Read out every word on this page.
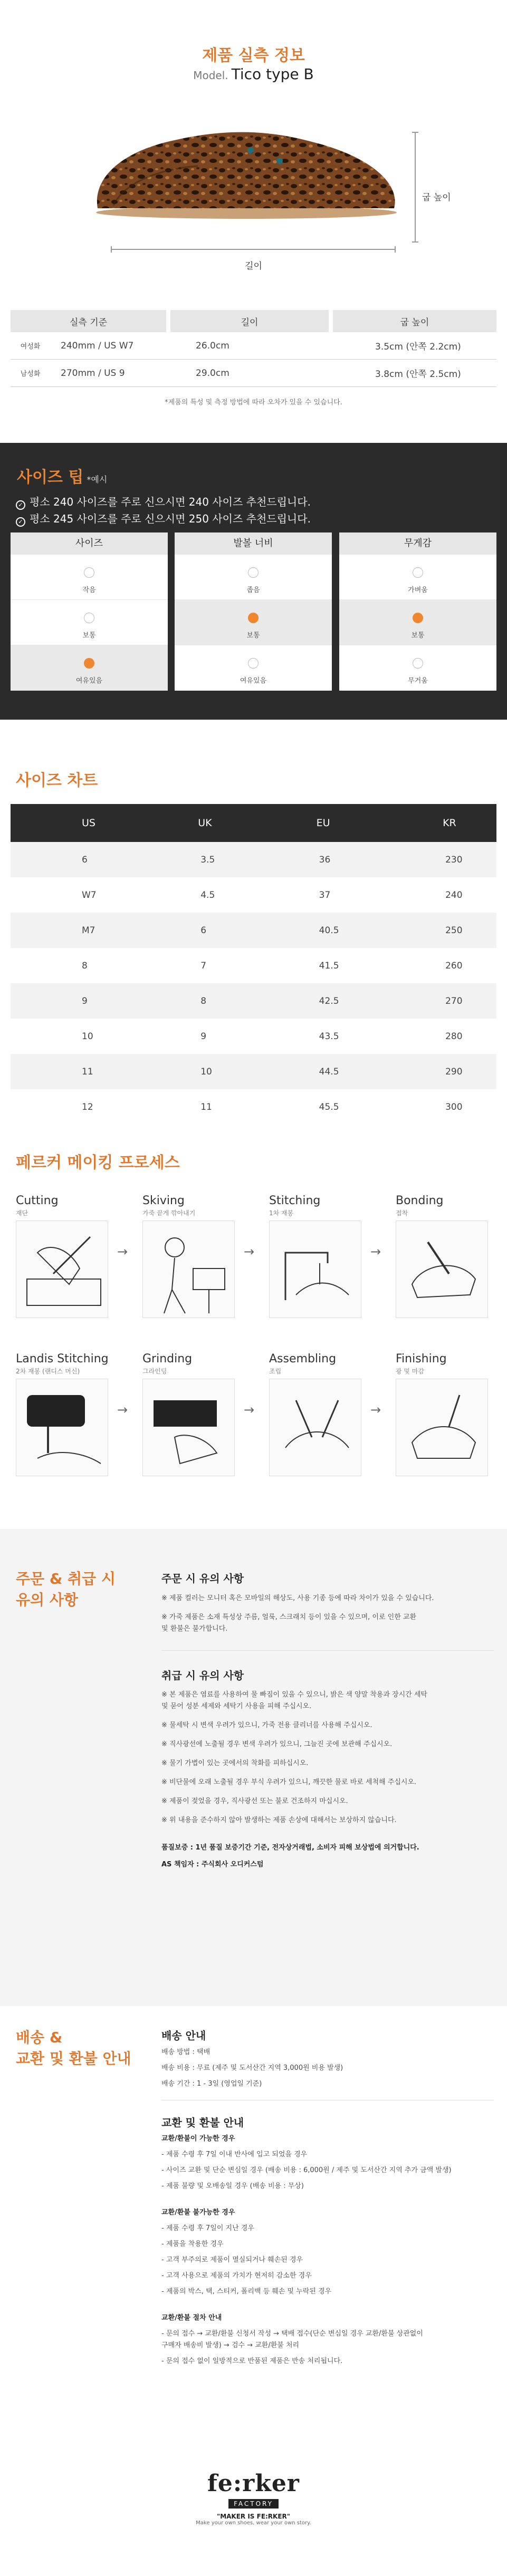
제품 실측 정보
Model. Tico type B
굽 높이
길이
실측 기준			길이		굽 높이
여성화	240mm / US W7		26.0cm		3.5cm (안쪽 2.2cm)
남성화	270mm / US 9		29.0cm		3.8cm (안쪽 2.5cm)
*제품의 특성 및 측정 방법에 따라 오차가 있을 수 있습니다.
사이즈 팁 *예시
✓ 평소 240 사이즈를 주로 신으시면 240 사이즈 추천드립니다.
✓ 평소 245 사이즈를 주로 신으시면 250 사이즈 추천드립니다.
사이즈
작음
보통
여유있음
발볼 너비
좁음
보통
여유있음
무게감
가벼움
보통
무거움
사이즈 차트
US	UK	EU	KR
6	3.5	36	230
W7	4.5	37	240
M7	6	40.5	250
8	7	41.5	260
9	8	42.5	270
10	9	43.5	280
11	10	44.5	290
12	11	45.5	300
페르커 메이킹 프로세스
Cutting
재단
→
Skiving
가죽 끝게 깎아내기
→
Stitching
1차 재봉
→
Bonding
접착
Landis Stitching
2차 재봉 (랜디스 머신)
→
Grinding
그라인딩
→
Assembling
조립
→
Finishing
광 및 마감
주문 & 취급 시
유의 사항
주문 시 유의 사항
※ 제품 컬러는 모니터 혹은 모바일의 해상도, 사용 기종 등에 따라 차이가 있을 수 있습니다.
※ 가죽 제품은 소재 특성상 주름, 얼룩, 스크래치 등이 있을 수 있으며, 이로 인한 교환
및 환불은 불가합니다.
취급 시 유의 사항
※ 본 제품은 염료를 사용하여 물 빠짐이 있을 수 있으니, 밝은 색 양말 착용과 장시간 세탁
및 묻어 성분 세제와 세탁기 사용을 피해 주십시오.
※ 물세탁 시 변색 우려가 있으니, 가죽 전용 클리너를 사용해 주십시오.
※ 직사광선에 노출될 경우 변색 우려가 있으니, 그늘진 곳에 보관해 주십시오.
※ 물기 가볍이 있는 곳에서의 착화를 피하십시오.
※ 비단물에 오래 노출될 경우 부식 우려가 있으니, 깨끗한 물로 바로 세척해 주십시오.
※ 제품이 젖었을 경우, 직사광선 또는 불로 건조하지 마십시오.
※ 위 내용을 준수하지 않아 발생하는 제품 손상에 대해서는 보상하지 않습니다.
품질보증 : 1년 품질 보증기간 기준, 전자상거래법, 소비자 피해 보상법에 의거합니다.
AS 책임자 : 주식회사 오디커스텀
배송 &
교환 및 환불 안내
배송 안내
배송 방법 : 택배
배송 비용 : 무료 (제주 및 도서산간 지역 3,000원 비용 발생)
배송 기간 : 1 - 3일 (영업일 기준)
교환 및 환불 안내
교환/환불이 가능한 경우
- 제품 수령 후 7일 이내 반사에 입고 되었을 경우
- 사이즈 교환 및 단순 변심일 경우 (배송 비용 : 6,000원 / 제주 및 도서산간 지역 추가 금액 발생)
- 제품 불량 및 오배송일 경우 (배송 비용 : 무상)
교환/환불 불가능한 경우
- 제품 수령 후 7일이 지난 경우
- 제품을 착용한 경우
- 고객 부주의로 제품이 멸실되거나 훼손된 경우
- 고객 사용으로 제품의 가치가 현저히 감소한 경우
- 제품의 박스, 택, 스티커, 폴리백 등 훼손 및 누락된 경우
교환/환불 절차 안내
- 문의 접수 → 교환/환불 신청서 작성 → 택배 접수(단순 변심일 경우 교환/환불 상관없이
구매자 배송비 발생) → 검수 → 교환/환불 처리
- 문의 접수 없이 일방적으로 반품된 제품은 반송 처리됩니다.
fe:rker
FACTORY
"MAKER IS FE:RKER"
Make your own shoes, wear your own story.
